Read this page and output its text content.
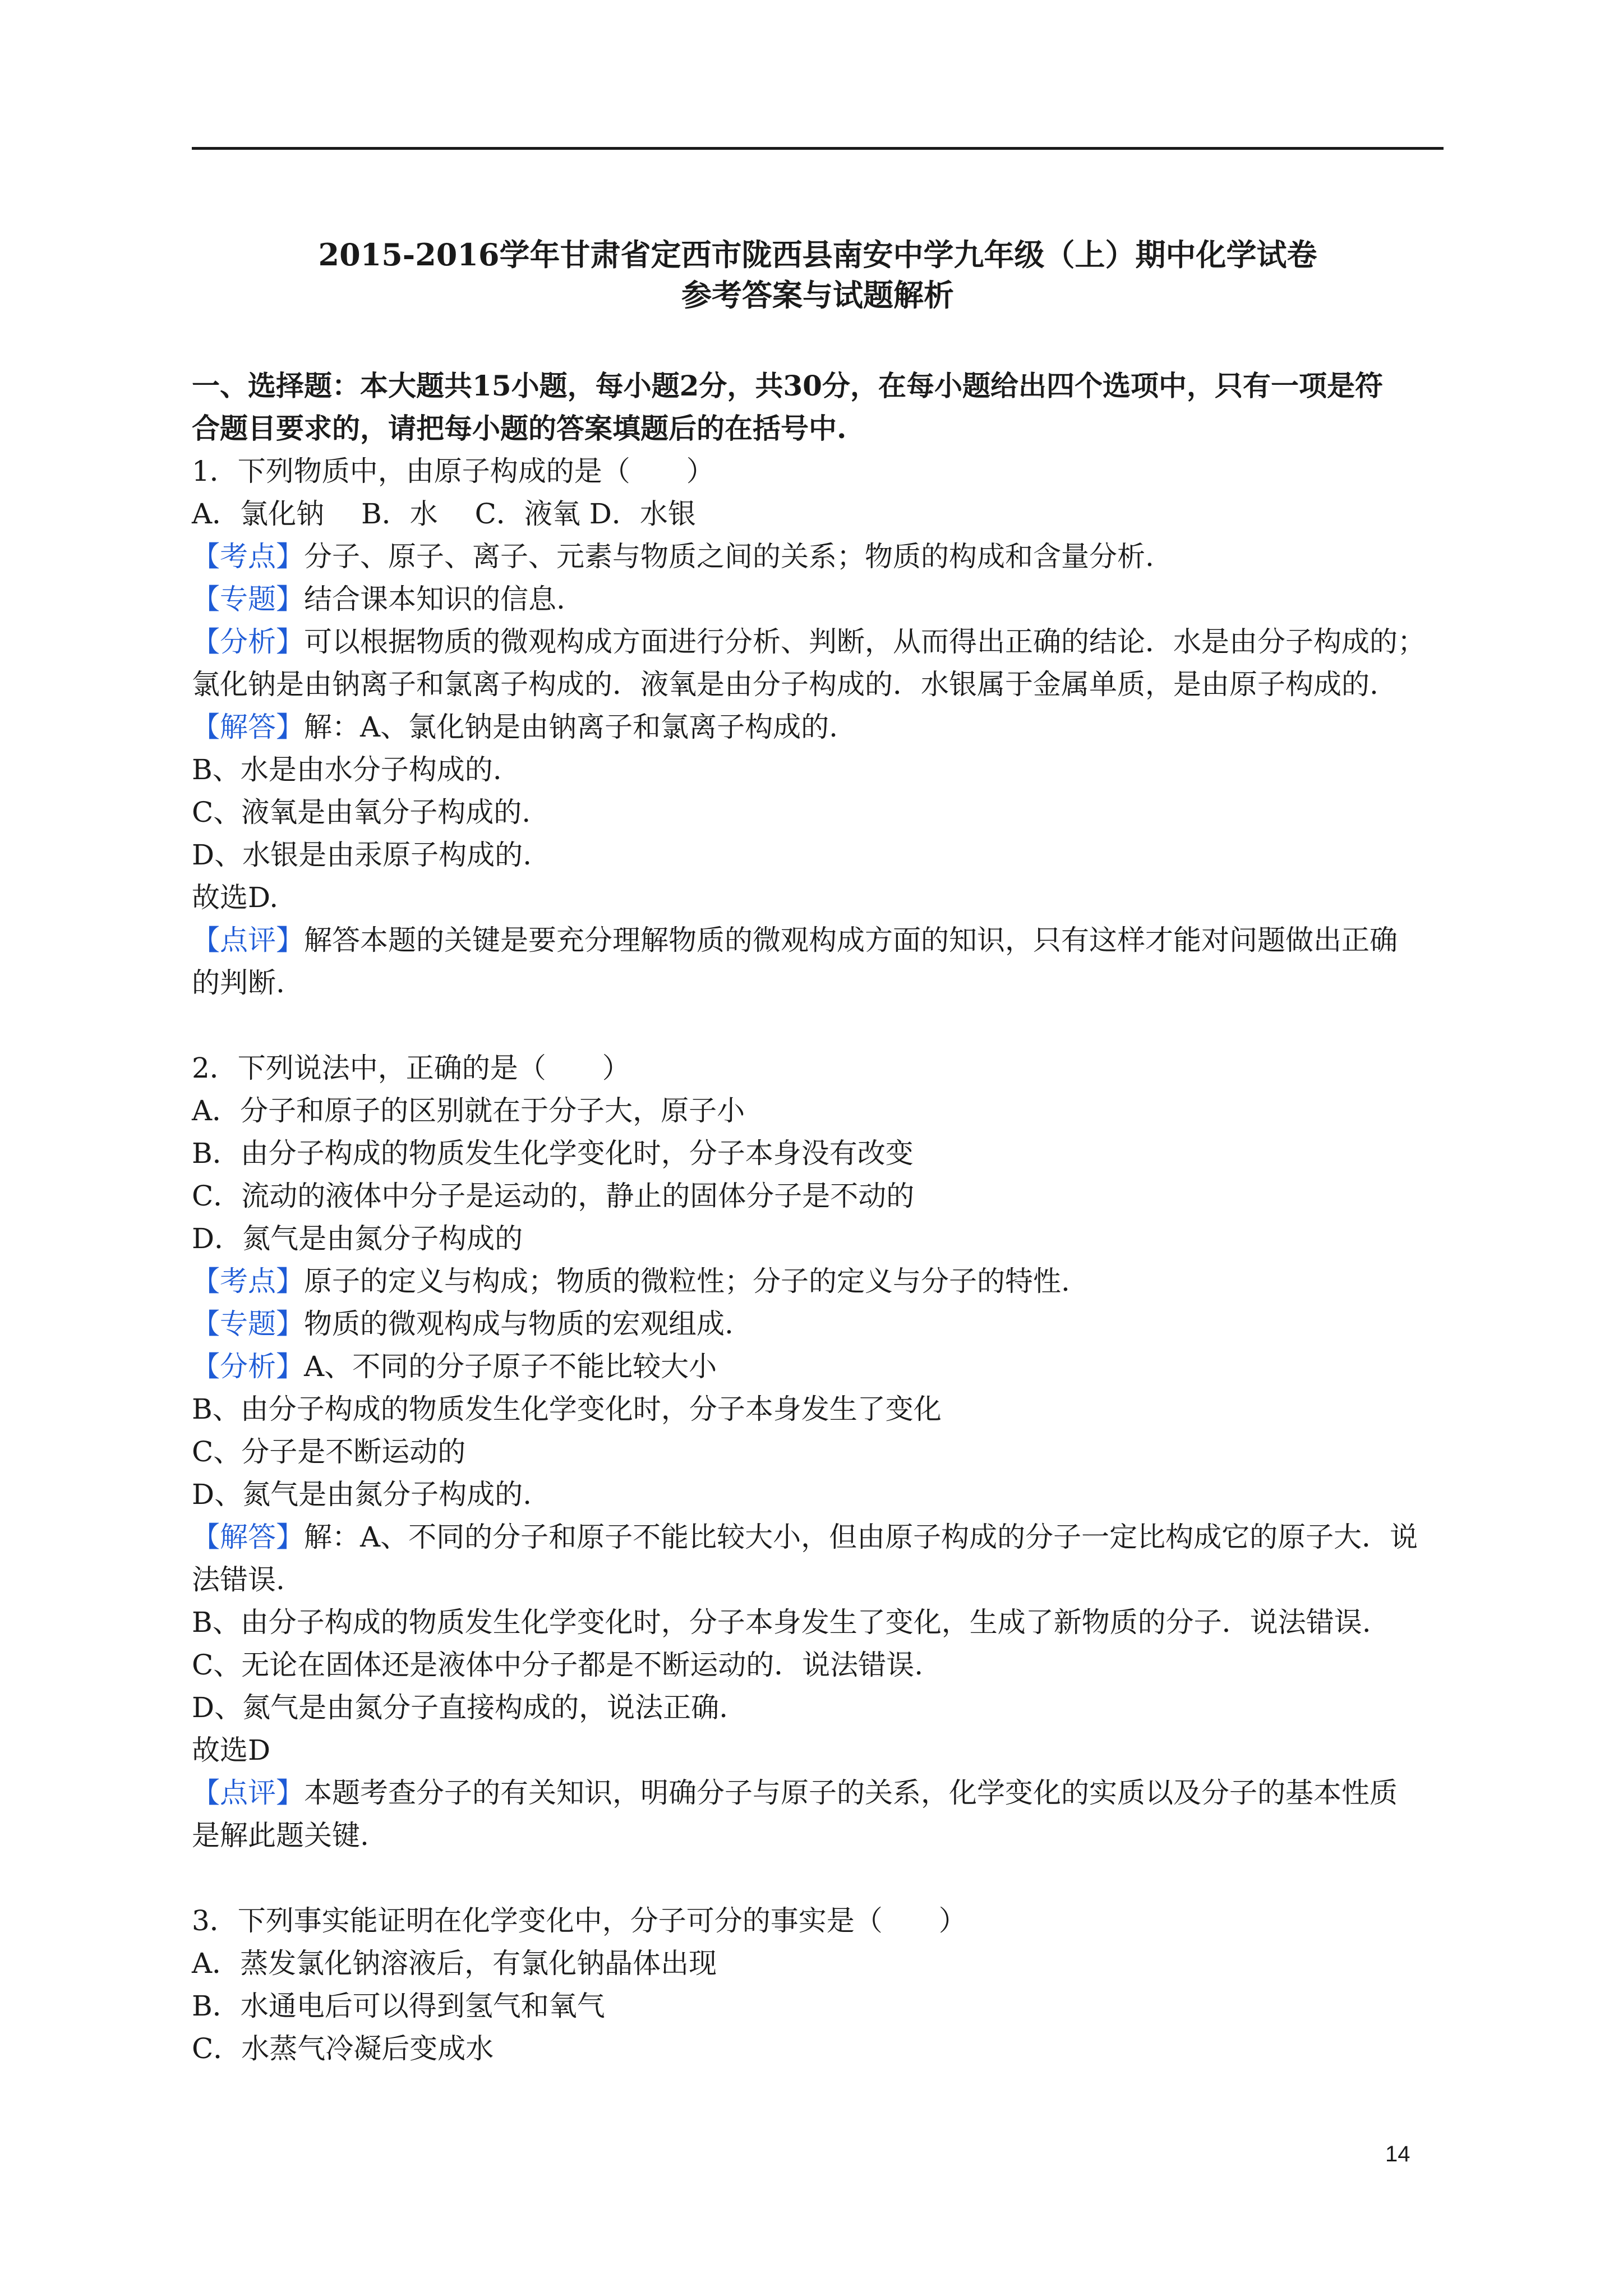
2015-2016学年甘肃省定西市陇西县南安中学九年级（上）期中化学试卷
参考答案与试题解析
一、选择题：本大题共15小题，每小题2分，共30分，在每小题给出四个选项中，只有一项是符
合题目要求的，请把每小题的答案填题后的在括号中.
1．下列物质中，由原子构成的是（　　）
A．氯化钠　 B．水　 C．液氧 D．水银
【考点】分子、原子、离子、元素与物质之间的关系；物质的构成和含量分析.
【专题】结合课本知识的信息.
【分析】可以根据物质的微观构成方面进行分析、判断，从而得出正确的结论．水是由分子构成的；
氯化钠是由钠离子和氯离子构成的．液氧是由分子构成的．水银属于金属单质，是由原子构成的.
【解答】解：A、氯化钠是由钠离子和氯离子构成的.
B、水是由水分子构成的.
C、液氧是由氧分子构成的.
D、水银是由汞原子构成的.
故选D.
【点评】解答本题的关键是要充分理解物质的微观构成方面的知识，只有这样才能对问题做出正确
的判断.
2．下列说法中，正确的是（　　）
A．分子和原子的区别就在于分子大，原子小
B．由分子构成的物质发生化学变化时，分子本身没有改变
C．流动的液体中分子是运动的，静止的固体分子是不动的
D．氮气是由氮分子构成的
【考点】原子的定义与构成；物质的微粒性；分子的定义与分子的特性.
【专题】物质的微观构成与物质的宏观组成.
【分析】A、不同的分子原子不能比较大小
B、由分子构成的物质发生化学变化时，分子本身发生了变化
C、分子是不断运动的
D、氮气是由氮分子构成的.
【解答】解：A、不同的分子和原子不能比较大小，但由原子构成的分子一定比构成它的原子大．说
法错误.
B、由分子构成的物质发生化学变化时，分子本身发生了变化，生成了新物质的分子．说法错误.
C、无论在固体还是液体中分子都是不断运动的．说法错误.
D、氮气是由氮分子直接构成的，说法正确.
故选D
【点评】本题考查分子的有关知识，明确分子与原子的关系，化学变化的实质以及分子的基本性质
是解此题关键.
3．下列事实能证明在化学变化中，分子可分的事实是（　　）
A．蒸发氯化钠溶液后，有氯化钠晶体出现
B．水通电后可以得到氢气和氧气
C．水蒸气冷凝后变成水
14
